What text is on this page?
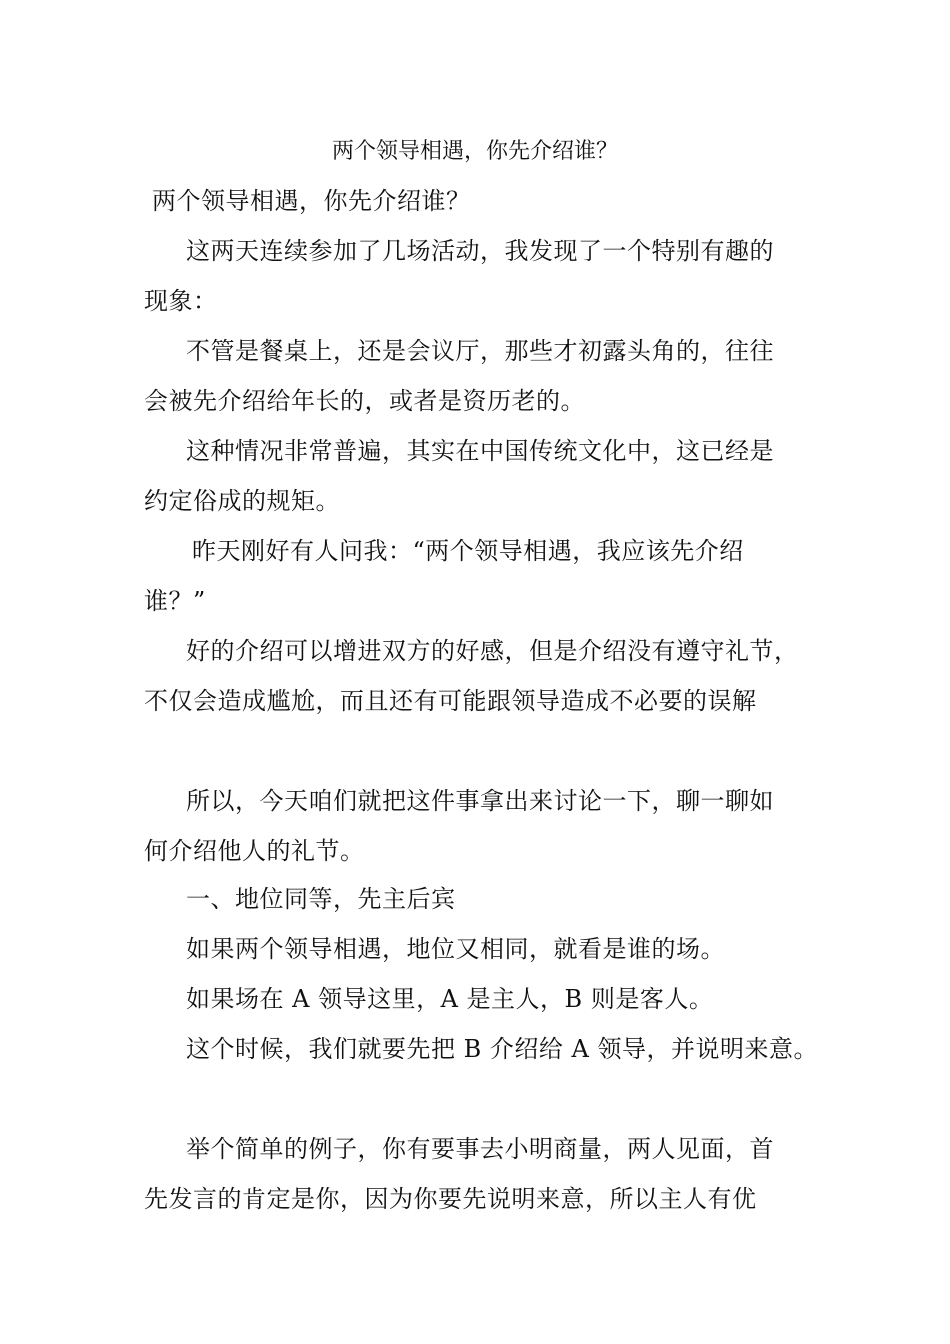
两个领导相遇，你先介绍谁？
两个领导相遇，你先介绍谁？
这两天连续参加了几场活动，我发现了一个特别有趣的
现象：
不管是餐桌上，还是会议厅，那些才初露头角的，往往
会被先介绍给年长的，或者是资历老的。
这种情况非常普遍，其实在中国传统文化中，这已经是
约定俗成的规矩。
昨天刚好有人问我：“两个领导相遇，我应该先介绍
谁？”
好的介绍可以增进双方的好感，但是介绍没有遵守礼节，
不仅会造成尴尬，而且还有可能跟领导造成不必要的误解
所以，今天咱们就把这件事拿出来讨论一下，聊一聊如
何介绍他人的礼节。
一、地位同等，先主后宾
如果两个领导相遇，地位又相同，就看是谁的场。
如果场在 A 领导这里，A 是主人，B 则是客人。
这个时候，我们就要先把 B 介绍给 A 领导，并说明来意。
举个简单的例子，你有要事去小明商量，两人见面，首
先发言的肯定是你，因为你要先说明来意，所以主人有优
